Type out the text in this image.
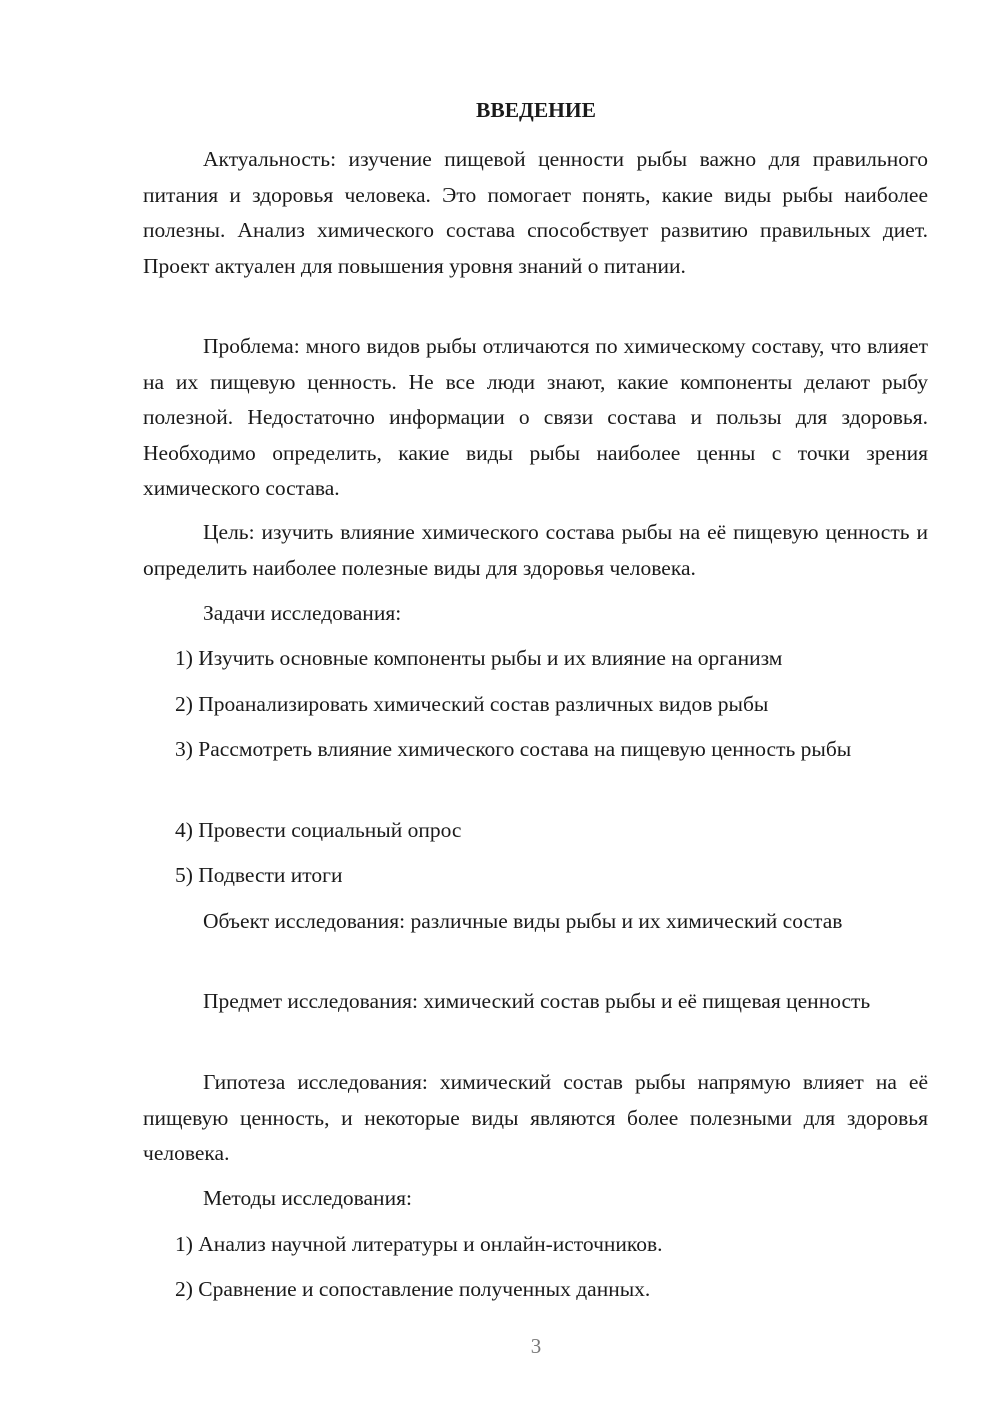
ВВЕДЕНИЕ

Актуальность: изучение пищевой ценности рыбы важно для правильного питания и здоровья человека. Это помогает понять, какие виды рыбы наиболее полезны. Анализ химического состава способствует развитию правильных диет. Проект актуален для повышения уровня знаний о питании.

Проблема: много видов рыбы отличаются по химическому составу, что влияет на их пищевую ценность. Не все люди знают, какие компоненты делают рыбу полезной. Недостаточно информации о связи состава и пользы для здоровья. Необходимо определить, какие виды рыбы наиболее ценны с точки зрения химического состава.

Цель: изучить влияние химического состава рыбы на её пищевую ценность и определить наиболее полезные виды для здоровья человека.

Задачи исследования:

1) Изучить основные компоненты рыбы и их влияние на организм

2) Проанализировать химический состав различных видов рыбы

3) Рассмотреть влияние химического состава на пищевую ценность рыбы

4) Провести социальный опрос

5) Подвести итоги

Объект исследования: различные виды рыбы и их химический состав

Предмет исследования: химический состав рыбы и её пищевая ценность

Гипотеза исследования: химический состав рыбы напрямую влияет на её пищевую ценность, и некоторые виды являются более полезными для здоровья человека.

Методы исследования:

1) Анализ научной литературы и онлайн-источников.

2) Сравнение и сопоставление полученных данных.

3
